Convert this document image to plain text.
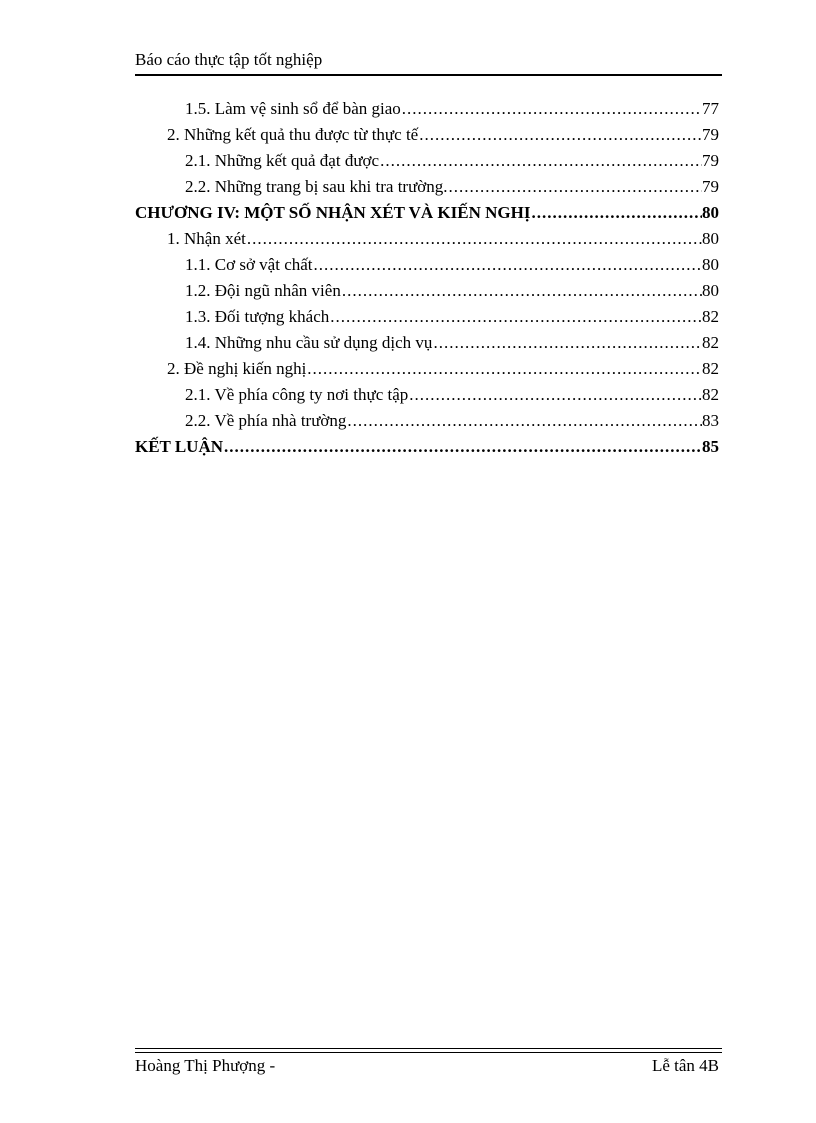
Báo cáo thực tập tốt nghiệp
1.5. Làm vệ sinh sổ để bàn giao .....	77
2. Những kết quả thu được từ thực tế .....	79
2.1. Những kết quả đạt được .....	79
2.2. Những trang bị sau khi tra trường. .....	79
CHƯƠNG IV: MỘT SỐ NHẬN XÉT VÀ KIẾN NGHỊ .....	80
1. Nhận xét .....	80
1.1. Cơ sở vật chất .....	80
1.2. Đội ngũ nhân viên .....	80
1.3. Đối tượng khách .....	82
1.4. Những nhu cầu sử dụng dịch vụ .....	82
2. Đề nghị kiến nghị .....	82
2.1. Về phía công ty nơi thực tập .....	82
2.2. Về phía nhà trường .....	83
KẾT LUẬN .....	85
Hoàng Thị Phượng -	Lễ tân 4B
